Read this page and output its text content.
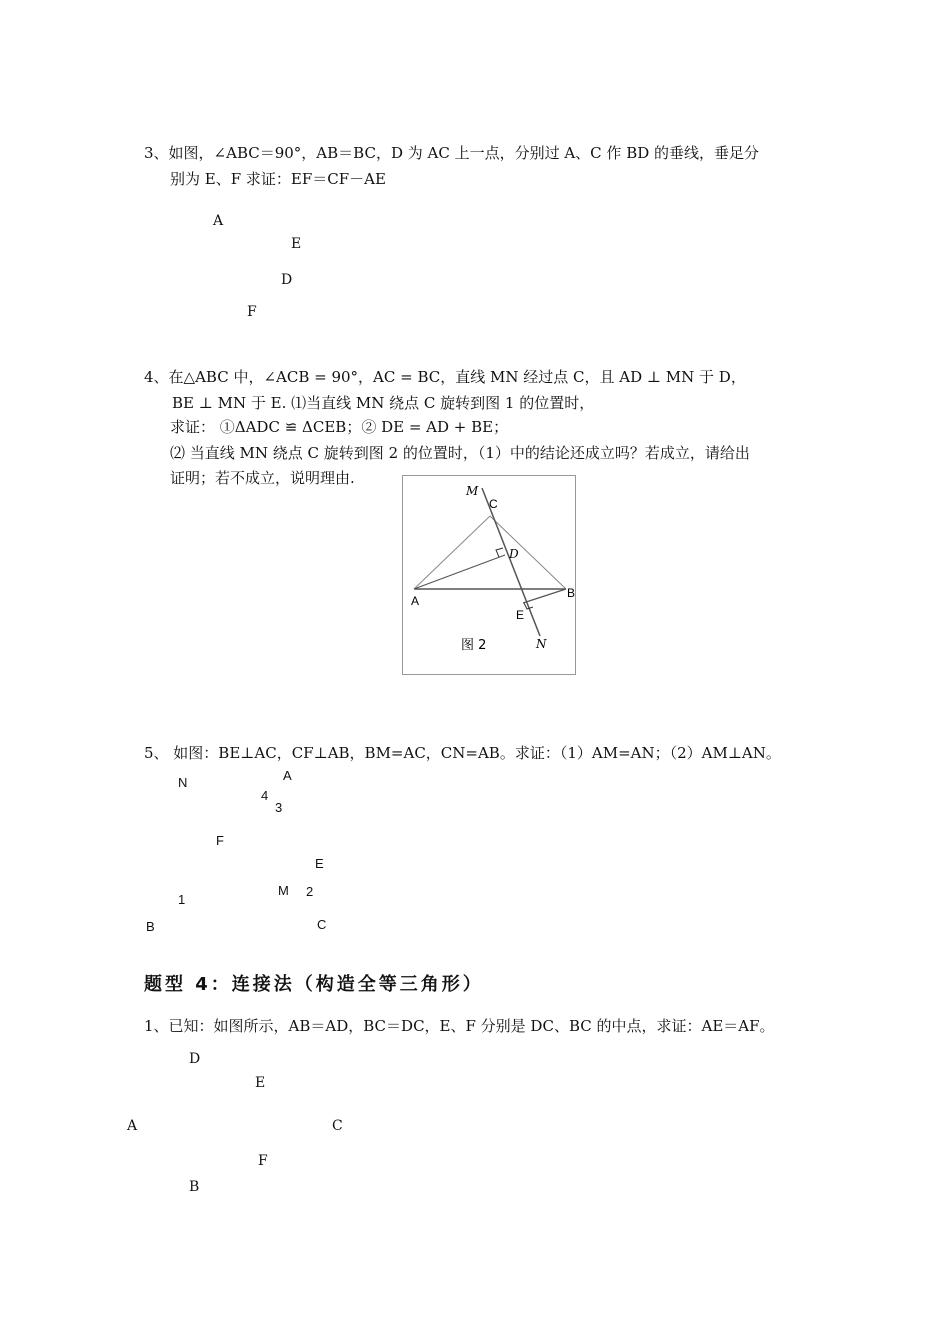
3、如图，∠ABC＝90°，AB＝BC，D 为 AC 上一点，分别过 A、C 作 BD 的垂线，垂足分
别为 E、F 求证：EF＝CF－AE
A
E
D
F
4、在△ABC 中，∠ACB = 90°，AC = BC，直线 MN 经过点 C，且 AD ⊥ MN 于 D，
BE ⊥ MN 于 E. ⑴当直线 MN 绕点 C 旋转到图 1 的位置时，
求证： ①ΔADC ≌ ΔCEB；② DE = AD + BE；
⑵ 当直线 MN 绕点 C 旋转到图 2 的位置时，（1）中的结论还成立吗？若成立，请给出
证明；若不成立，说明理由.
M
C
D
A
B
E
N
图 2
5、 如图：BE⊥AC，CF⊥AB，BM=AC，CN=AB。求证：（1）AM=AN；（2）AM⊥AN。
N	A
4
3
F
E
1
M 2
B	C
题型 4：连接法（构造全等三角形）
1、已知：如图所示，AB＝AD，BC＝DC，E、F 分别是 DC、BC 的中点，求证：AE＝AF。
D
E
A	C
F
B
